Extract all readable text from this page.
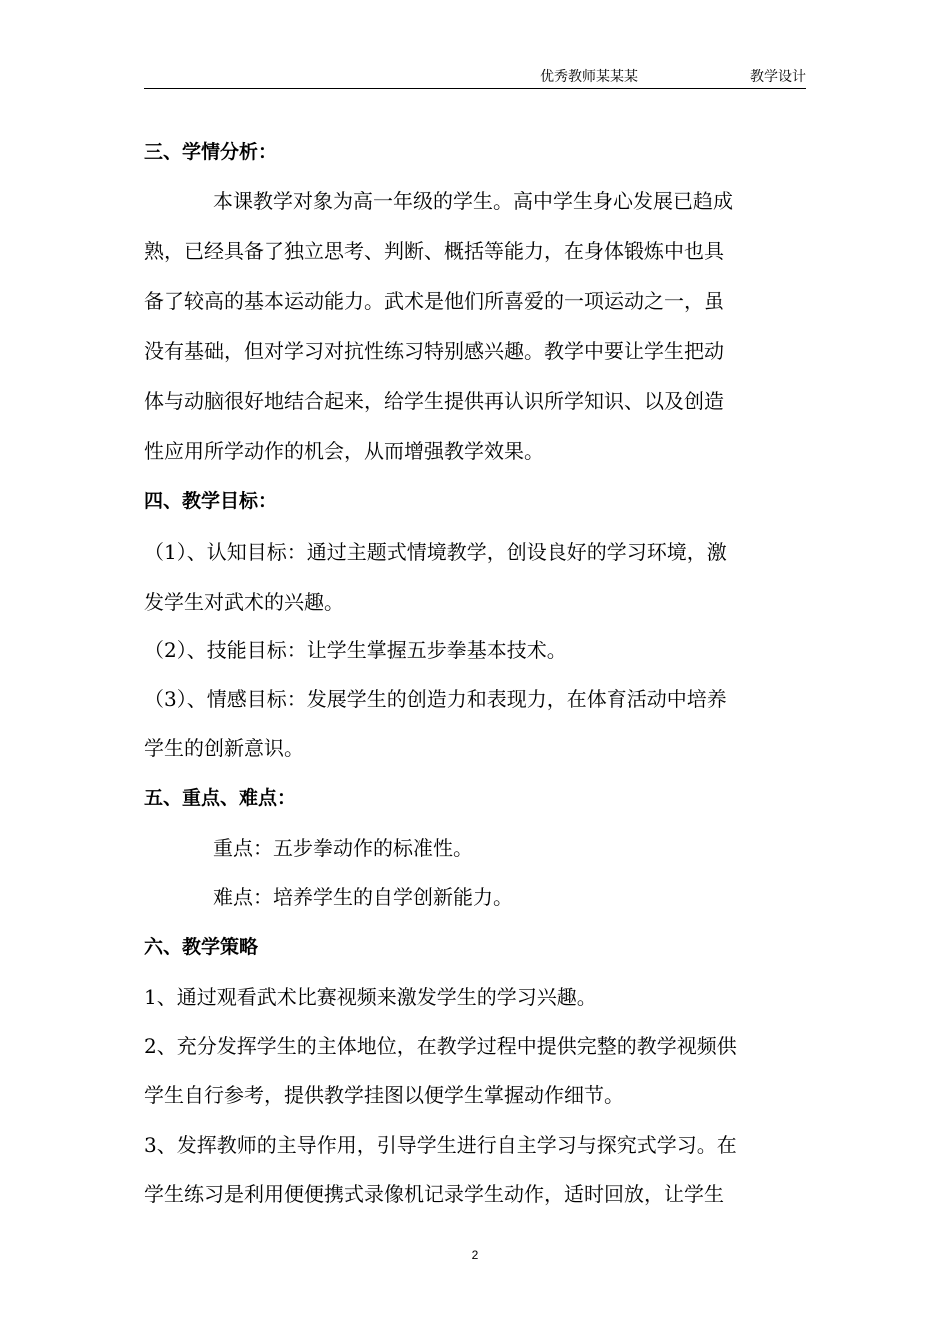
优秀教师某某某	教学设计
三、学情分析：
本课教学对象为高一年级的学生。高中学生身心发展已趋成
熟，已经具备了独立思考、判断、概括等能力，在身体锻炼中也具
备了较高的基本运动能力。武术是他们所喜爱的一项运动之一，虽
没有基础，但对学习对抗性练习特别感兴趣。教学中要让学生把动
体与动脑很好地结合起来，给学生提供再认识所学知识、以及创造
性应用所学动作的机会，从而增强教学效果。
四、教学目标：
（1）、认知目标：通过主题式情境教学，创设良好的学习环境，激
发学生对武术的兴趣。
（2）、技能目标：让学生掌握五步拳基本技术。
（3）、情感目标：发展学生的创造力和表现力，在体育活动中培养
学生的创新意识。
五、重点、难点：
重点：五步拳动作的标准性。
难点：培养学生的自学创新能力。
六、教学策略
1、通过观看武术比赛视频来激发学生的学习兴趣。
2、充分发挥学生的主体地位，在教学过程中提供完整的教学视频供
学生自行参考，提供教学挂图以便学生掌握动作细节。
3、发挥教师的主导作用，引导学生进行自主学习与探究式学习。在
学生练习是利用便便携式录像机记录学生动作，适时回放，让学生
2
